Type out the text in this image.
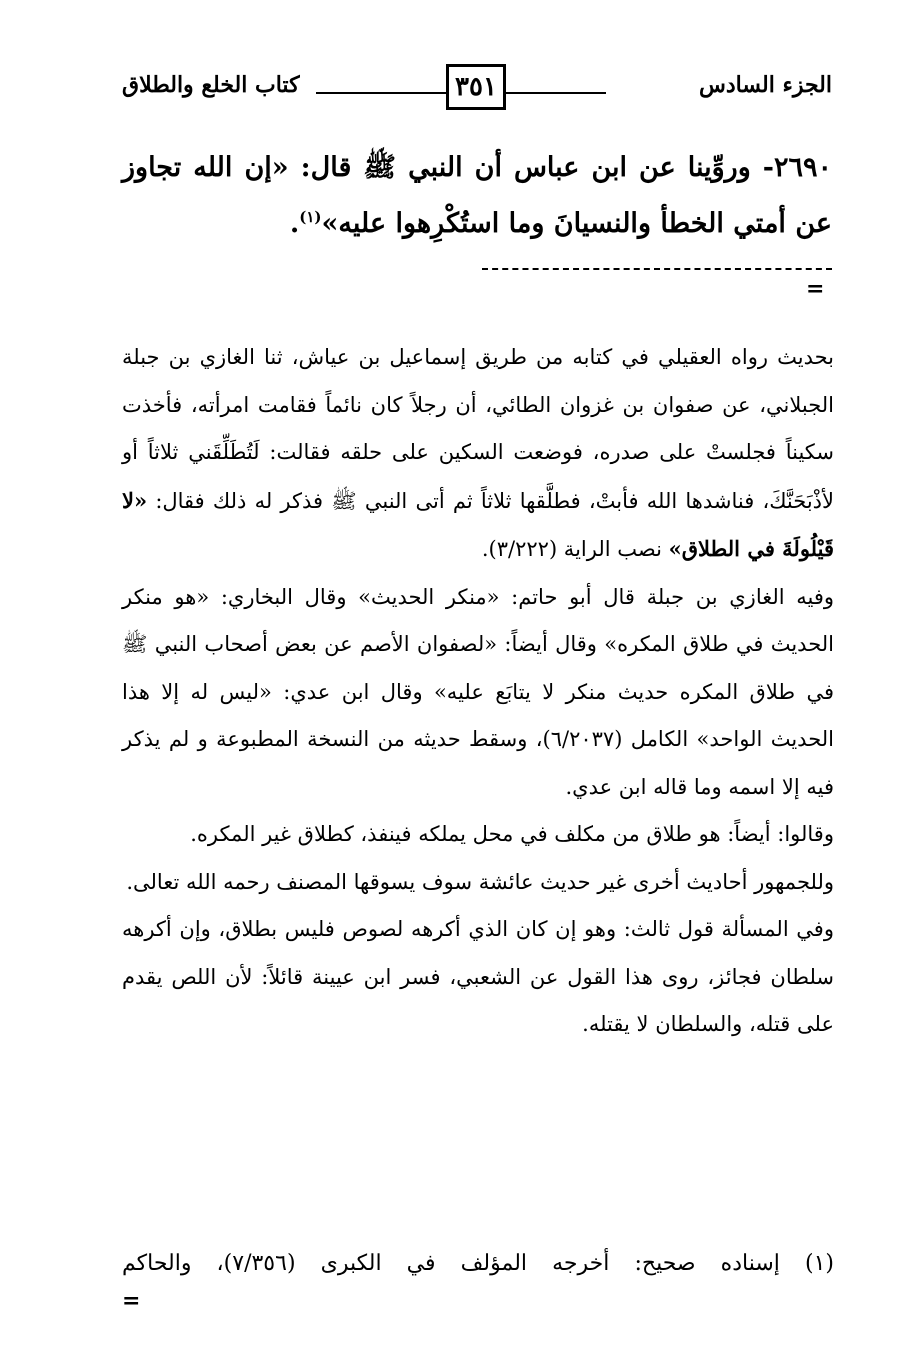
الجزء السادس
٣٥١
كتاب الخلع والطلاق
٢٦٩٠- وروِّينا عن ابن عباس أن النبي ﷺ قال: «إن الله تجاوز عن أمتي الخطأ والنسيانَ وما استُكْرِهوا عليه»$^{(١)}$.
=

بحديث رواه العقيلي في كتابه من طريق إسماعيل بن عياش، ثنا الغازي بن جبلة الجبلاني، عن صفوان بن غزوان الطائي، أن رجلاً كان نائماً فقامت امرأته، فأخذت سكيناً فجلستْ على صدره، فوضعت السكين على حلقه فقالت: لَتُطَلِّقَني ثلاثاً أو لأذْبَحَنَّكَ، فناشدها الله فأبتْ، فطلَّقها ثلاثاً ثم أتى النبي ﷺ فذكر له ذلك فقال: «لا قَيْلُولَةَ في الطلاق» نصب الراية (٣/٢٢٢).

وفيه الغازي بن جبلة قال أبو حاتم: «منكر الحديث» وقال البخاري: «هو منكر الحديث في طلاق المكره» وقال أيضاً: «لصفوان الأصم عن بعض أصحاب النبي ﷺ في طلاق المكره حديث منكر لا يتابَع عليه» وقال ابن عدي: «ليس له إلا هذا الحديث الواحد» الكامل (٦/٢٠٣٧)، وسقط حديثه من النسخة المطبوعة و لم يذكر فيه إلا اسمه وما قاله ابن عدي.

وقالوا: أيضاً: هو طلاق من مكلف في محل يملكه فينفذ، كطلاق غير المكره.

وللجمهور أحاديث أخرى غير حديث عائشة سوف يسوقها المصنف رحمه الله تعالى.

وفي المسألة قول ثالث: وهو إن كان الذي أكرهه لصوص فليس بطلاق، وإن أكرهه سلطان فجائز، روى هذا القول عن الشعبي، فسر ابن عيينة قائلاً: لأن اللص يقدم على قتله، والسلطان لا يقتله.

(١) إسناده صحيح: أخرجه المؤلف في الكبرى (٧/٣٥٦)، والحاكم
=
